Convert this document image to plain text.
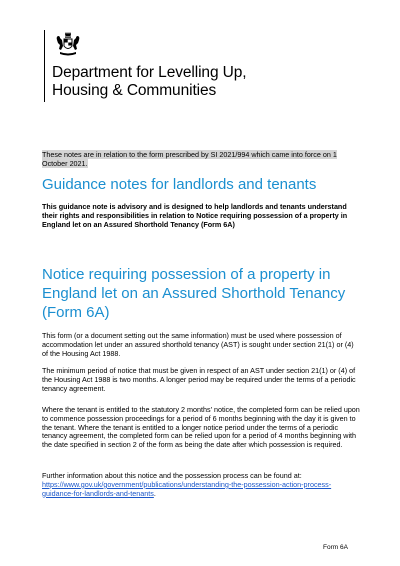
Department for Levelling Up,
Housing & Communities
These notes are in relation to the form prescribed by SI 2021/994 which came into force on 1 October 2021.
Guidance notes for landlords and tenants
This guidance note is advisory and is designed to help landlords and tenants understand their rights and responsibilities in relation to Notice requiring possession of a property in England let on an Assured Shorthold Tenancy (Form 6A)
Notice requiring possession of a property in England let on an Assured Shorthold Tenancy (Form 6A)
This form (or a document setting out the same information) must be used where possession of accommodation let under an assured shorthold tenancy (AST) is sought under section 21(1) or (4) of the Housing Act 1988.
The minimum period of notice that must be given in respect of an AST under section 21(1) or (4) of the Housing Act 1988 is two months. A longer period may be required under the terms of a periodic tenancy agreement.
Where the tenant is entitled to the statutory 2 months' notice, the completed form can be relied upon to commence possession proceedings for a period of 6 months beginning with the day it is given to the tenant. Where the tenant is entitled to a longer notice period under the terms of a periodic tenancy agreement, the completed form can be relied upon for a period of 4 months beginning with the date specified in section 2 of the form as being the date after which possession is required.
Further information about this notice and the possession process can be found at:
https://www.gov.uk/government/publications/understanding-the-possession-action-process-guidance-for-landlords-and-tenants.
Form 6A
